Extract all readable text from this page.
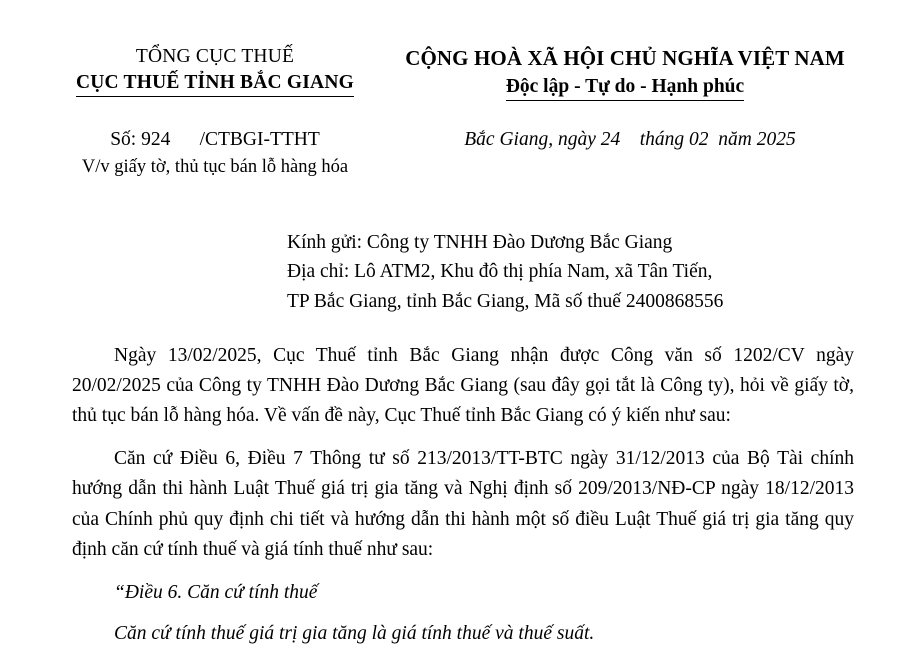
TỔNG CỤC THUẾ
CỤC THUẾ TỈNH BẮC GIANG
CỘNG HOÀ XÃ HỘI CHỦ NGHĨA VIỆT NAM
Độc lập - Tự do - Hạnh phúc
Số: 924      /CTBGI-TTHT
V/v giấy tờ, thủ tục bán lỗ hàng hóa
Bắc Giang, ngày 24    tháng 02  năm 2025
Kính gửi: Công ty TNHH Đào Dương Bắc Giang
Địa chỉ: Lô ATM2, Khu đô thị phía Nam, xã Tân Tiến,
TP Bắc Giang, tỉnh Bắc Giang, Mã số thuế 2400868556

Ngày 13/02/2025, Cục Thuế tỉnh Bắc Giang nhận được Công văn số 1202/CV ngày 20/02/2025 của Công ty TNHH Đào Dương Bắc Giang (sau đây gọi tắt là Công ty), hỏi về giấy tờ, thủ tục bán lỗ hàng hóa. Về vấn đề này, Cục Thuế tỉnh Bắc Giang có ý kiến như sau:

Căn cứ Điều 6, Điều 7 Thông tư số 213/2013/TT-BTC ngày 31/12/2013 của Bộ Tài chính hướng dẫn thi hành Luật Thuế giá trị gia tăng và Nghị định số 209/2013/NĐ-CP ngày 18/12/2013 của Chính phủ quy định chi tiết và hướng dẫn thi hành một số điều Luật Thuế giá trị gia tăng quy định căn cứ tính thuế và giá tính thuế như sau:

“Điều 6. Căn cứ tính thuế

Căn cứ tính thuế giá trị gia tăng là giá tính thuế và thuế suất.
